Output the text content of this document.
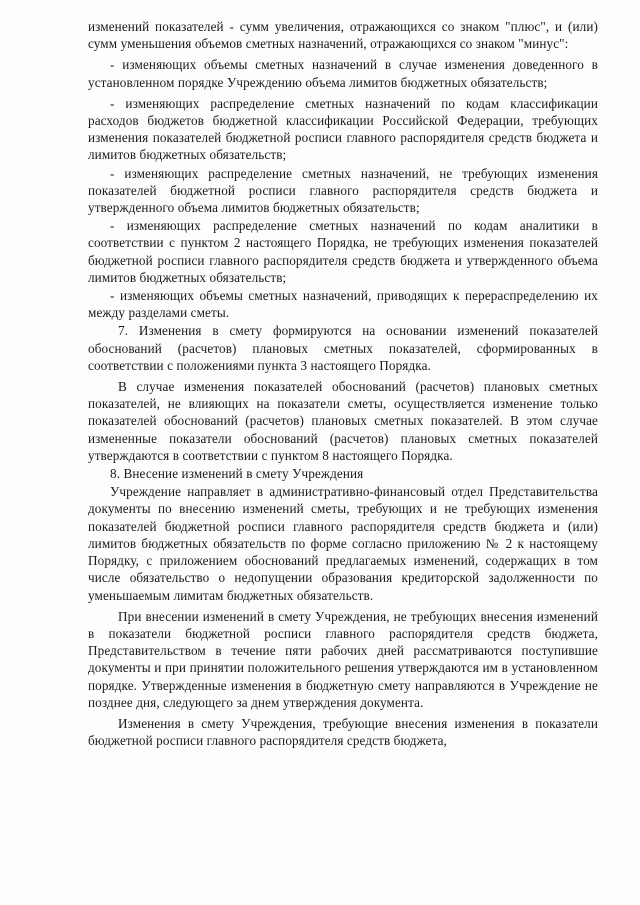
изменений показателей - сумм увеличения, отражающихся со знаком "плюс", и (или) сумм уменьшения объемов сметных назначений, отражающихся со знаком "минус":

- изменяющих объемы сметных назначений в случае изменения доведенного в установленном порядке Учреждению объема лимитов бюджетных обязательств;

- изменяющих распределение сметных назначений по кодам классификации расходов бюджетов бюджетной классификации Российской Федерации, требующих изменения показателей бюджетной росписи главного распорядителя средств бюджета и лимитов бюджетных обязательств;

- изменяющих распределение сметных назначений, не требующих изменения показателей бюджетной росписи главного распорядителя средств бюджета и утвержденного объема лимитов бюджетных обязательств;

- изменяющих распределение сметных назначений по кодам аналитики в соответствии с пунктом 2 настоящего Порядка, не требующих изменения показателей бюджетной росписи главного распорядителя средств бюджета и утвержденного объема лимитов бюджетных обязательств;

- изменяющих объемы сметных назначений, приводящих к перераспределению их между разделами сметы.

7. Изменения в смету формируются на основании изменений показателей обоснований (расчетов) плановых сметных показателей, сформированных в соответствии с положениями пункта 3 настоящего Порядка.

В случае изменения показателей обоснований (расчетов) плановых сметных показателей, не влияющих на показатели сметы, осуществляется изменение только показателей обоснований (расчетов) плановых сметных показателей. В этом случае измененные показатели обоснований (расчетов) плановых сметных показателей утверждаются в соответствии с пунктом 8 настоящего Порядка.

8. Внесение изменений в смету Учреждения

Учреждение направляет в административно-финансовый отдел Представительства документы по внесению изменений сметы, требующих и не требующих изменения показателей бюджетной росписи главного распорядителя средств бюджета и (или) лимитов бюджетных обязательств по форме согласно приложению № 2 к настоящему Порядку, с приложением обоснований предлагаемых изменений, содержащих в том числе обязательство о недопущении образования кредиторской задолженности по уменьшаемым лимитам бюджетных обязательств.

При внесении изменений в смету Учреждения, не требующих внесения изменений в показатели бюджетной росписи главного распорядителя средств бюджета, Представительством в течение пяти рабочих дней рассматриваются поступившие документы и при принятии положительного решения утверждаются им в установленном порядке. Утвержденные изменения в бюджетную смету направляются в Учреждение не позднее дня, следующего за днем утверждения документа.

Изменения в смету Учреждения, требующие внесения изменения в показатели бюджетной росписи главного распорядителя средств бюджета,
